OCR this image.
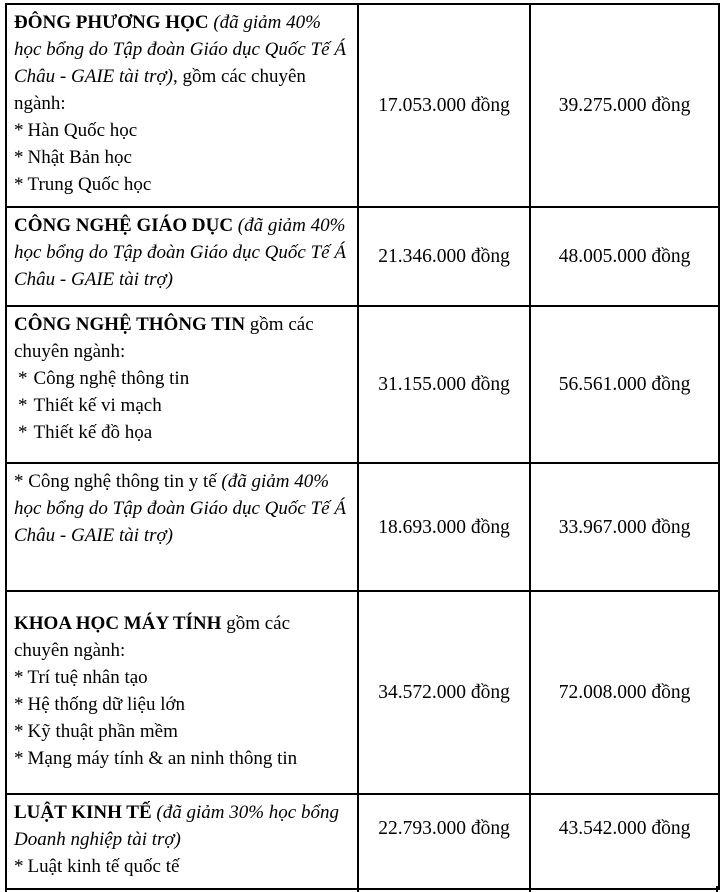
ĐÔNG PHƯƠNG HỌC (đã giảm 40% học bổng do Tập đoàn Giáo dục Quốc Tế Á Châu - GAIE tài trợ), gồm các chuyên ngành:
* Hàn Quốc học
* Nhật Bản học
* Trung Quốc học	17.053.000 đồng	39.275.000 đồng
CÔNG NGHỆ GIÁO DỤC (đã giảm 40% học bổng do Tập đoàn Giáo dục Quốc Tế Á Châu - GAIE tài trợ)	21.346.000 đồng	48.005.000 đồng
CÔNG NGHỆ THÔNG TIN gồm các chuyên ngành:
* Công nghệ thông tin
* Thiết kế vi mạch
* Thiết kế đồ họa	31.155.000 đồng	56.561.000 đồng
* Công nghệ thông tin y tế (đã giảm 40% học bổng do Tập đoàn Giáo dục Quốc Tế Á Châu - GAIE tài trợ)	18.693.000 đồng	33.967.000 đồng
KHOA HỌC MÁY TÍNH gồm các chuyên ngành:
* Trí tuệ nhân tạo
* Hệ thống dữ liệu lớn
* Kỹ thuật phần mềm
* Mạng máy tính & an ninh thông tin	34.572.000 đồng	72.008.000 đồng
LUẬT KINH TẾ (đã giảm 30% học bổng Doanh nghiệp tài trợ)
* Luật kinh tế quốc tế	22.793.000 đồng	43.542.000 đồng
